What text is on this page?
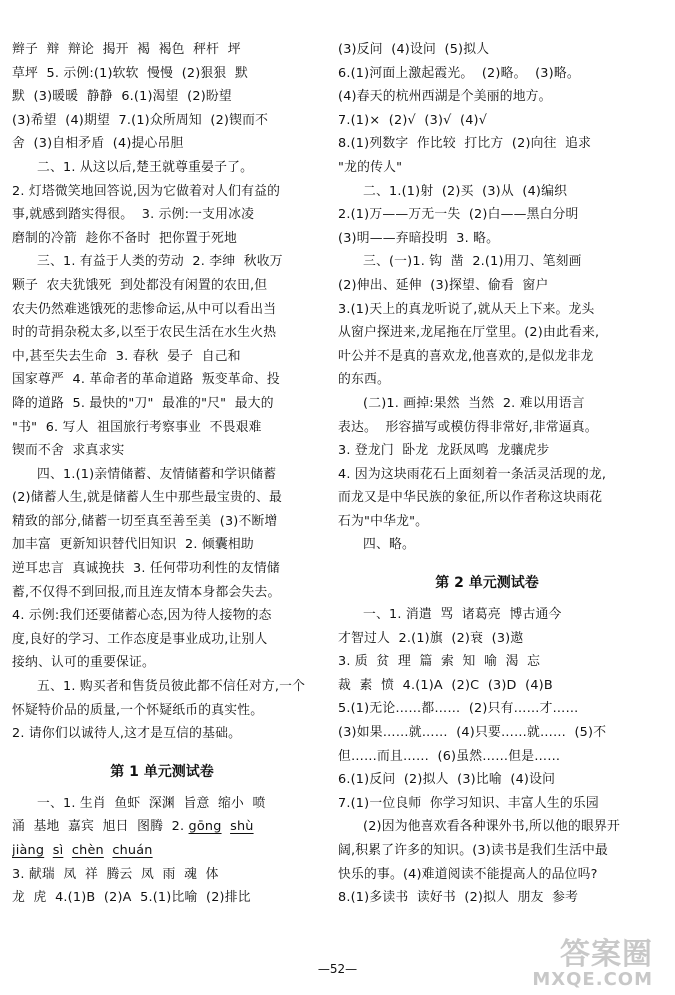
辫子  辩  辩论  揭开  褐  褐色  秤杆  坪
草坪  5. 示例:(1)软软  慢慢  (2)狠狠  默
默  (3)暖暖  静静  6.(1)渴望  (2)盼望
(3)希望  (4)期望  7.(1)众所周知  (2)锲而不
舍  (3)自相矛盾  (4)提心吊胆
二、1. 从这以后,楚王就尊重晏子了。
2. 灯塔微笑地回答说,因为它做着对人们有益的
事,就感到踏实得很。  3. 示例:一支用冰凌
磨制的冷箭  趁你不备时  把你置于死地
三、1. 有益于人类的劳动  2. 李绅  秋收万
颗子  农夫犹饿死  到处都没有闲置的农田,但
农夫仍然难逃饿死的悲惨命运,从中可以看出当
时的苛捐杂税太多,以至于农民生活在水生火热
中,甚至失去生命  3. 春秋  晏子  自己和
国家尊严  4. 革命者的革命道路  叛变革命、投
降的道路  5. 最快的"刀"  最准的"尺"  最大的
"书"  6. 写人  祖国旅行考察事业  不畏艰难
锲而不舍  求真求实
四、1.(1)亲情储蓄、友情储蓄和学识储蓄
(2)储蓄人生,就是储蓄人生中那些最宝贵的、最
精致的部分,储蓄一切至真至善至美  (3)不断增
加丰富  更新知识替代旧知识  2. 倾囊相助
逆耳忠言  真诚挽扶  3. 任何带功利性的友情储
蓄,不仅得不到回报,而且连友情本身都会失去。
4. 示例:我们还要储蓄心态,因为待人接物的态
度,良好的学习、工作态度是事业成功,让别人
接纳、认可的重要保证。
五、1. 购买者和售货员彼此都不信任对方,一个
怀疑特价品的质量,一个怀疑纸币的真实性。
2. 请你们以诚待人,这才是互信的基础。
第 1 单元测试卷
一、1. 生肖  鱼虾  深渊  旨意  缩小  喷
涌  基地  嘉宾  旭日  图腾  2. gōng shù
jiàng sì chèn chuán
3. 献瑞  凤  祥  腾云  凤  雨  魂  体
龙  虎  4.(1)B  (2)A  5.(1)比喻  (2)排比
(3)反问  (4)设问  (5)拟人
6.(1)河面上激起霞光。  (2)略。  (3)略。
(4)春天的杭州西湖是个美丽的地方。
7.(1)×  (2)√  (3)√  (4)√
8.(1)列数字  作比较  打比方  (2)向往  追求
"龙的传人"
二、1.(1)射  (2)买  (3)从  (4)编织
2.(1)万——万无一失  (2)白——黑白分明
(3)明——弃暗投明  3. 略。
三、(一)1. 钩  凿  2.(1)用刀、笔刻画
(2)伸出、延伸  (3)探望、偷看  窗户
3.(1)天上的真龙听说了,就从天上下来。龙头
从窗户探进来,龙尾拖在厅堂里。(2)由此看来,
叶公并不是真的喜欢龙,他喜欢的,是似龙非龙
的东西。
(二)1. 画掉:果然  当然  2. 难以用语言
表达。  形容描写或模仿得非常好,非常逼真。
3. 登龙门  卧龙  龙跃凤鸣  龙骧虎步
4. 因为这块雨花石上面刻着一条活灵活现的龙,
而龙又是中华民族的象征,所以作者称这块雨花
石为"中华龙"。
四、略。
第 2 单元测试卷
一、1. 消遣  骂  诸葛亮  博古通今
才智过人  2.(1)旗  (2)衰  (3)遨
3. 质  贫  理  篇  索  知  喻  渴  忘
裁  素  愤  4.(1)A  (2)C  (3)D  (4)B
5.(1)无论……都……  (2)只有……才……
(3)如果……就……  (4)只要……就……  (5)不
但……而且……  (6)虽然……但是……
6.(1)反问  (2)拟人  (3)比喻  (4)设问
7.(1)一位良师  你学习知识、丰富人生的乐园
(2)因为他喜欢看各种课外书,所以他的眼界开
阔,积累了许多的知识。(3)读书是我们生活中最
快乐的事。(4)难道阅读不能提高人的品位吗?
8.(1)多读书  读好书  (2)拟人  朋友  参考
—52—	答案圈
MXQE.COM
